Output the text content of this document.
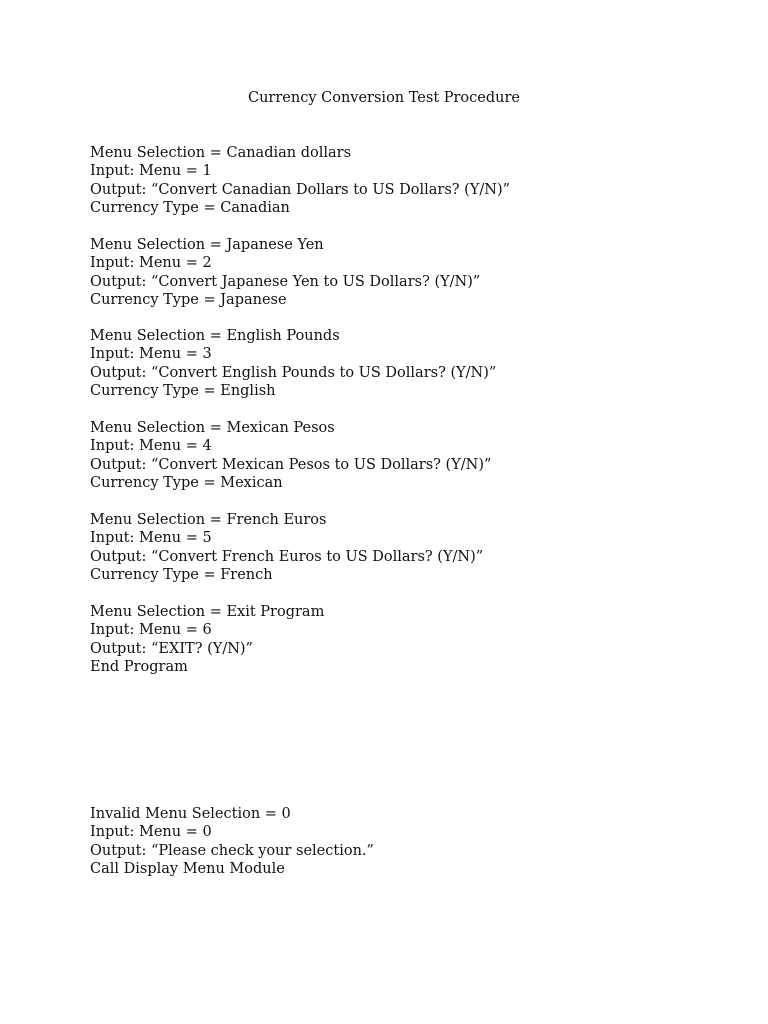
Currency Conversion Test Procedure
Menu Selection = Canadian dollars
Input: Menu = 1
Output: “Convert Canadian Dollars to US Dollars? (Y/N)”
Currency Type = Canadian
Menu Selection = Japanese Yen
Input: Menu = 2
Output: “Convert Japanese Yen to US Dollars? (Y/N)”
Currency Type = Japanese
Menu Selection = English Pounds
Input: Menu = 3
Output: “Convert English Pounds to US Dollars? (Y/N)”
Currency Type = English
Menu Selection = Mexican Pesos
Input: Menu = 4
Output: “Convert Mexican Pesos to US Dollars? (Y/N)”
Currency Type = Mexican
Menu Selection = French Euros
Input: Menu = 5
Output: “Convert French Euros to US Dollars? (Y/N)”
Currency Type = French
Menu Selection = Exit Program
Input: Menu = 6
Output: “EXIT? (Y/N)”
End Program
Invalid Menu Selection = 0
Input: Menu = 0
Output: “Please check your selection.”
Call Display Menu Module
